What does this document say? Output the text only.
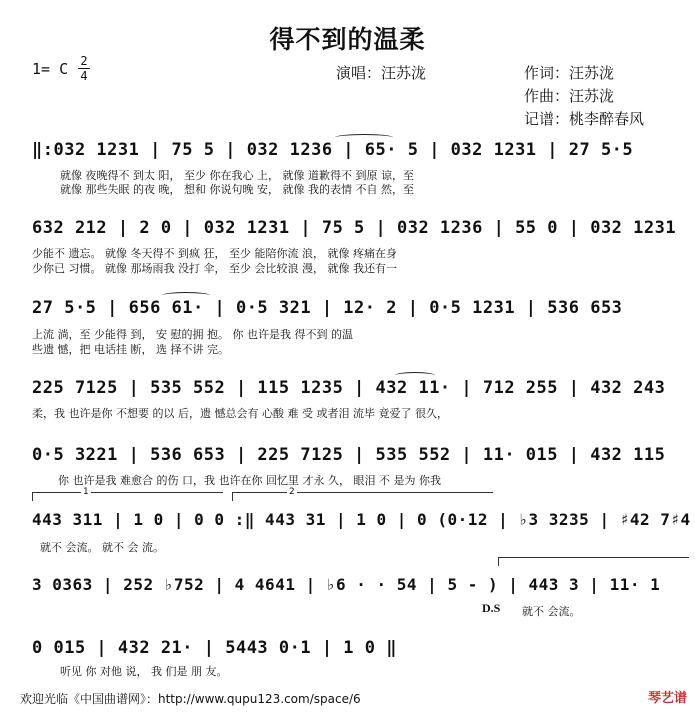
得不到的温柔
1= C 2
4	演唱：汪苏泷	作词：汪苏泷
作曲：汪苏泷
记谱：桃李醉春风
‖:032 1231 | 75 5 | 032 1236 | 65· 5 | 032 1231 | 27 5·5
就像 夜晚得不 到太 阳， 至少 你在我心 上， 就像 道歉得不 到原 谅，至
就像 那些失眠 的夜 晚， 想和 你说句晚 安， 就像 我的表情 不自 然，至
632 212 | 2 0 | 032 1231 | 75 5 | 032 1236 | 55 0 | 032 1231
少能不 遗忘。 就像 冬天得不 到疯 狂， 至少 能陪你流 浪， 就像 疼痛在身
少你已 习惯。 就像 那场雨我 没打 伞， 至少 会比较浪 漫， 就像 我还有一
27 5·5 | 656 61· | 0·5 321 | 12· 2 | 0·5 1231 | 536 653
上流 淌，至 少能得 到， 安 慰的拥 抱。 你 也许是我 得不到 的温
些遗 憾，把 电话挂 断， 选 择不讲 完。
225 7125 | 535 552 | 115 1235 | 432 11· | 712 255 | 432 243
柔，我 也许是你 不想要 的以 后，遗 憾总会有 心酸 难 受 或者泪 流毕 竟爱了 很久，
0·5 3221 | 536 653 | 225 7125 | 535 552 | 11· 015 | 432 115
你 也许是我 难愈合 的伤 口，我 也许在你 回忆里 才永 久， 眼泪 不 是为 你我
1	2
443 311 | 1 0 | 0 0 :‖ 443 31 | 1 0 | 0 (0·12 | ♭3 3235 | ♯42 7♯4
就不 会流。 就不 会 流。
3 0363 | 252 ♭752 | 4 4641 | ♭6 · · 54 | 5 - ) | 443 3 | 11· 1
D.S 就不 会流。
0 015 | 432 21· | 5443 0·1 | 1 0 ‖
听见 你 对他 说， 我 们是 朋 友。
欢迎光临《中国曲谱网》：http://www.qupu123.com/space/6	琴艺谱
